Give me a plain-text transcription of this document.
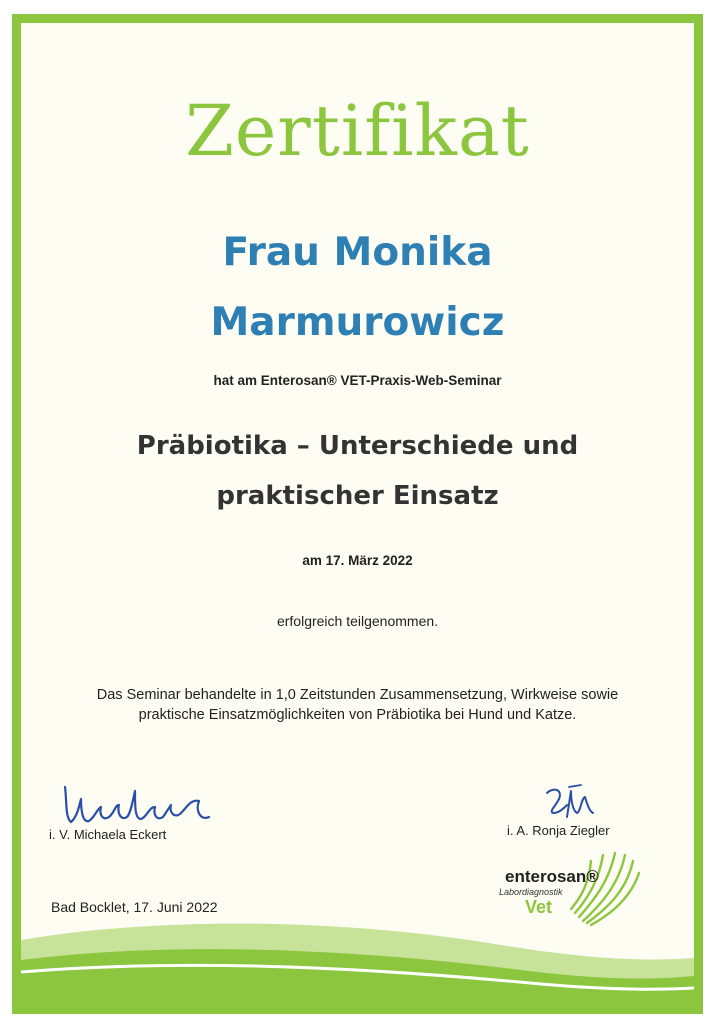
Zertifikat
Frau Monika
Marmurowicz
hat am Enterosan® VET-Praxis-Web-Seminar
Präbiotika – Unterschiede und
praktischer Einsatz
am 17. März 2022
erfolgreich teilgenommen.
Das Seminar behandelte in 1,0 Zeitstunden Zusammensetzung, Wirkweise sowie
praktische Einsatzmöglichkeiten von Präbiotika bei Hund und Katze.
i. V. Michaela Eckert	i. A. Ronja Ziegler
Bad Bocklet, 17. Juni 2022
enterosan®
Labordiagnostik
Vet
